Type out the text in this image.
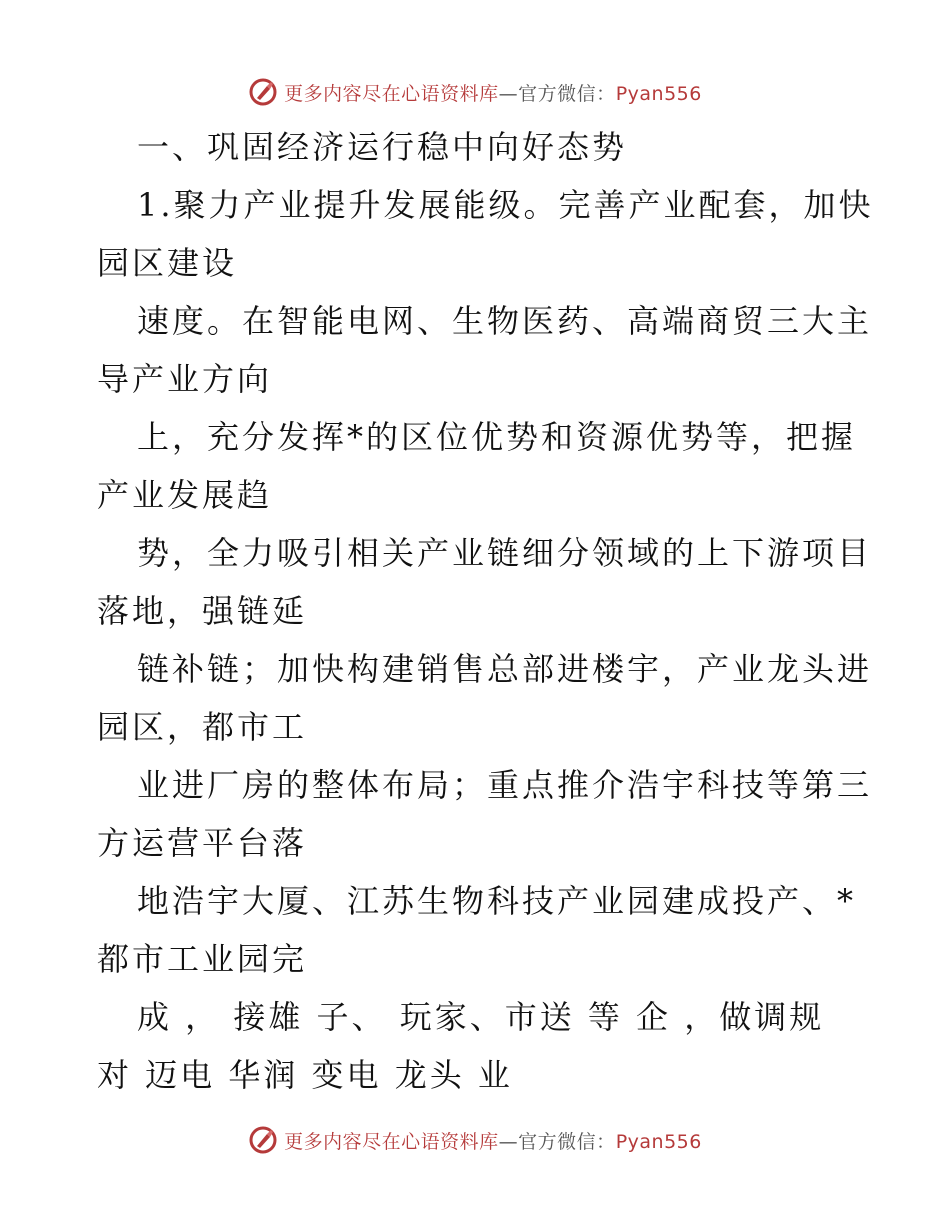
更多内容尽在心语资料库—官方微信：Pyan556
一、巩固经济运行稳中向好态势
1.聚力产业提升发展能级。完善产业配套，加快
园区建设
速度。在智能电网、生物医药、高端商贸三大主
导产业方向
上，充分发挥*的区位优势和资源优势等，把握
产业发展趋
势，全力吸引相关产业链细分领域的上下游项目
落地，强链延
链补链；加快构建销售总部进楼宇，产业龙头进
园区，都市工
业进厂房的整体布局；重点推介浩宇科技等第三
方运营平台落
地浩宇大厦、江苏生物科技产业园建成投产、*
都市工业园完
成 ， 接雄 子、 玩家、市送 等 企 ，做调规
对 迈电 华润 变电 龙头 业
更多内容尽在心语资料库—官方微信：Pyan556
